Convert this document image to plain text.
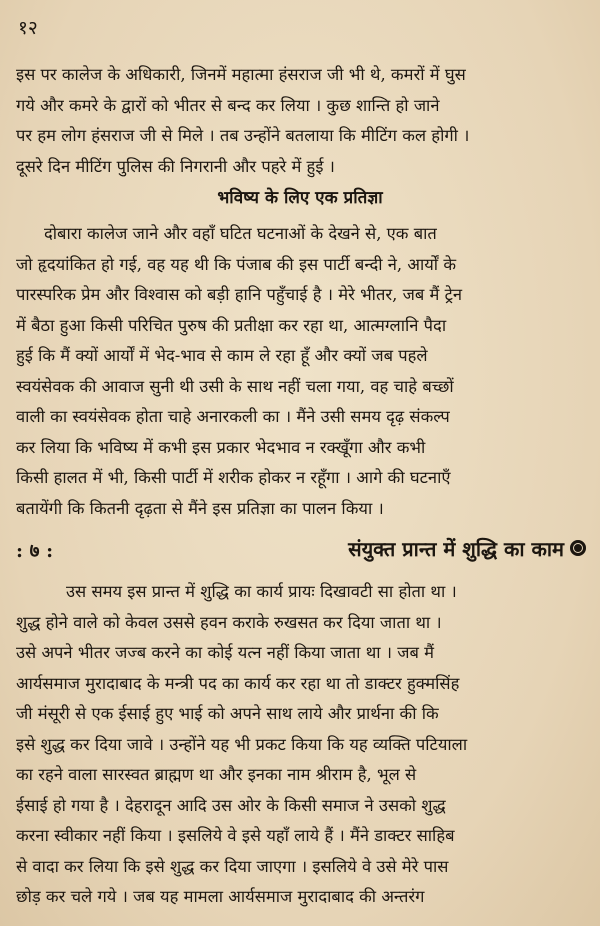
१२
इस पर कालेज के अधिकारी, जिनमें महात्मा हंसराज जी भी थे, कमरों में घुस
गये और कमरे के द्वारों को भीतर से बन्द कर लिया । कुछ शान्ति हो जाने
पर हम लोग हंसराज जी से मिले । तब उन्होंने बतलाया कि मीटिंग कल होगी ।
दूसरे दिन मीटिंग पुलिस की निगरानी और पहरे में हुई ।
भविष्य के लिए एक प्रतिज्ञा
दोबारा कालेज जाने और वहाँ घटित घटनाओं के देखने से, एक बात
जो हृदयांकित हो गई, वह यह थी कि पंजाब की इस पार्टी बन्दी ने, आर्यों के
पारस्परिक प्रेम और विश्वास को बड़ी हानि पहुँचाई है । मेरे भीतर, जब मैं ट्रेन
में बैठा हुआ किसी परिचित पुरुष की प्रतीक्षा कर रहा था, आत्मग्लानि पैदा
हुई कि मैं क्यों आर्यों में भेद-भाव से काम ले रहा हूँ और क्यों जब पहले
स्वयंसेवक की आवाज सुनी थी उसी के साथ नहीं चला गया, वह चाहे बच्छों
वाली का स्वयंसेवक होता चाहे अनारकली का । मैंने उसी समय दृढ़ संकल्प
कर लिया कि भविष्य में कभी इस प्रकार भेदभाव न रक्खूँगा और कभी
किसी हालत में भी, किसी पार्टी में शरीक होकर न रहूँगा । आगे की घटनाएँ
बतायेंगी कि कितनी दृढ़ता से मैंने इस प्रतिज्ञा का पालन किया ।
: ७ :	संयुक्त प्रान्त में शुद्धि का काम
उस समय इस प्रान्त में शुद्धि का कार्य प्रायः दिखावटी सा होता था ।
शुद्ध होने वाले को केवल उससे हवन कराके रुखसत कर दिया जाता था ।
उसे अपने भीतर जज्ब करने का कोई यत्न नहीं किया जाता था । जब मैं
आर्यसमाज मुरादाबाद के मन्त्री पद का कार्य कर रहा था तो डाक्टर हुक्मसिंह
जी मंसूरी से एक ईसाई हुए भाई को अपने साथ लाये और प्रार्थना की कि
इसे शुद्ध कर दिया जावे । उन्होंने यह भी प्रकट किया कि यह व्यक्ति पटियाला
का रहने वाला सारस्वत ब्राह्मण था और इनका नाम श्रीराम है, भूल से
ईसाई हो गया है । देहरादून आदि उस ओर के किसी समाज ने उसको शुद्ध
करना स्वीकार नहीं किया । इसलिये वे इसे यहाँ लाये हैं । मैंने डाक्टर साहिब
से वादा कर लिया कि इसे शुद्ध कर दिया जाएगा । इसलिये वे उसे मेरे पास
छोड़ कर चले गये । जब यह मामला आर्यसमाज मुरादाबाद की अन्तरंग
